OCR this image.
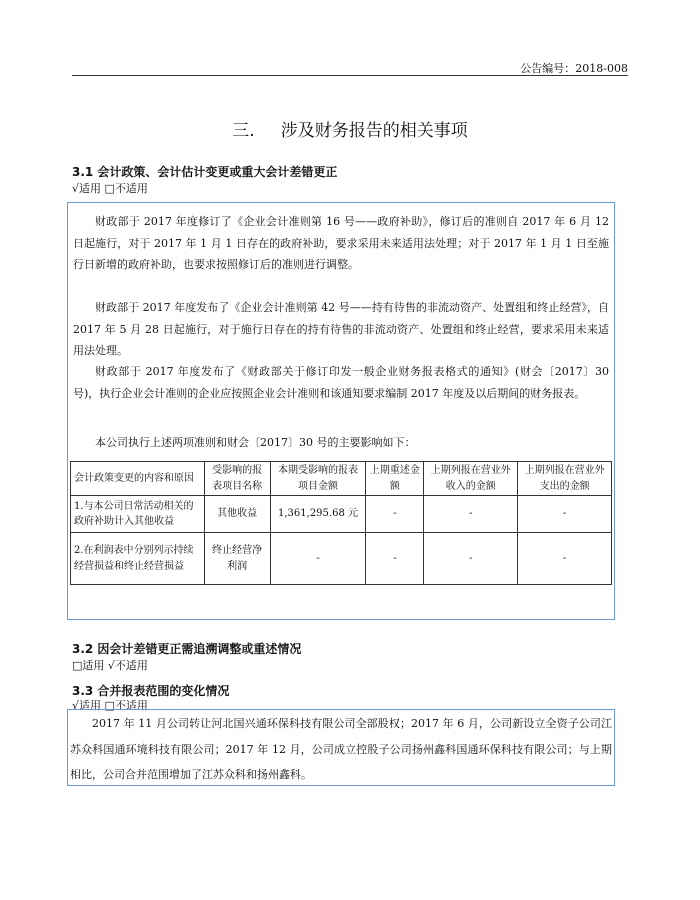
公告编号：2018-008
三. 涉及财务报告的相关事项
3.1 会计政策、会计估计变更或重大会计差错更正
√适用 □不适用

财政部于 2017 年度修订了《企业会计准则第 16 号——政府补助》，修订后的准则自 2017 年 6 月 12 日起施行，对于 2017 年 1 月 1 日存在的政府补助，要求采用未来适用法处理；对于 2017 年 1 月 1 日至施行日新增的政府补助，也要求按照修订后的准则进行调整。

财政部于 2017 年度发布了《企业会计准则第 42 号——持有待售的非流动资产、处置组和终止经营》，自 2017 年 5 月 28 日起施行，对于施行日存在的持有待售的非流动资产、处置组和终止经营，要求采用未来适用法处理。

财政部于 2017 年度发布了《财政部关于修订印发一般企业财务报表格式的通知》(财会〔2017〕30 号)，执行企业会计准则的企业应按照企业会计准则和该通知要求编制 2017 年度及以后期间的财务报表。

本公司执行上述两项准则和财会〔2017〕30 号的主要影响如下：

会计政策变更的内容和原因	受影响的报表项目名称	本期受影响的报表项目金额	上期重述金额	上期列报在营业外收入的金额	上期列报在营业外支出的金额
1.与本公司日常活动相关的政府补助计入其他收益	其他收益	1,361,295.68 元	-	-	-
2.在利润表中分别列示持续经营损益和终止经营损益	终止经营净利润	-	-	-	-
3.2 因会计差错更正需追溯调整或重述情况
□适用 √不适用
3.3 合并报表范围的变化情况
√适用 □不适用

2017 年 11 月公司转让河北国兴通环保科技有限公司全部股权；2017 年 6 月，公司新设立全资子公司江苏众科国通环境科技有限公司；2017 年 12 月，公司成立控股子公司扬州鑫科国通环保科技有限公司；与上期相比，公司合并范围增加了江苏众科和扬州鑫科。
